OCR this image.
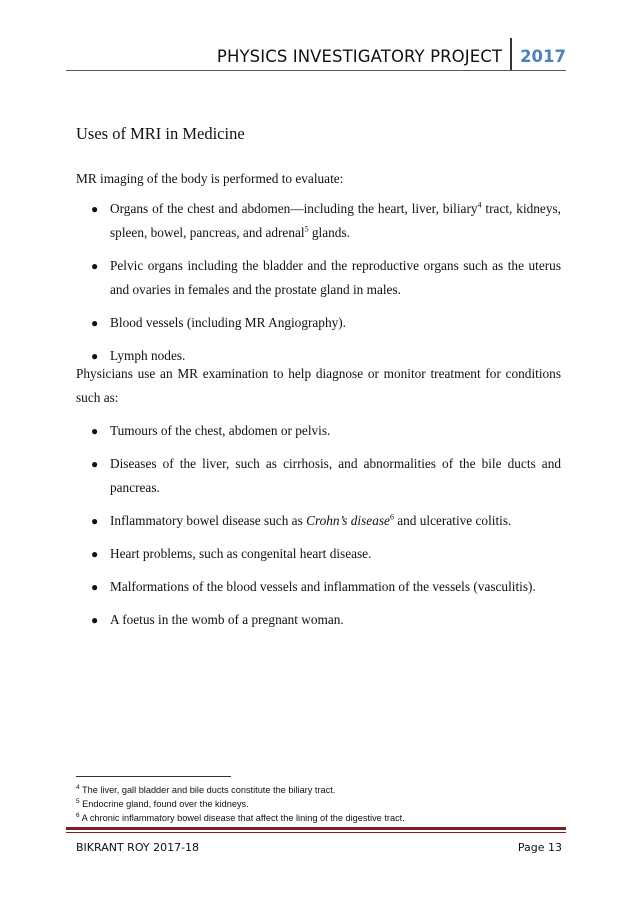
PHYSICS INVESTIGATORY PROJECT	2017
Uses of MRI in Medicine
MR imaging of the body is performed to evaluate:
● Organs of the chest and abdomen—including the heart, liver, biliary$^4$ tract, kidneys, spleen, bowel, pancreas, and adrenal$^5$ glands.
● Pelvic organs including the bladder and the reproductive organs such as the uterus and ovaries in females and the prostate gland in males.
● Blood vessels (including MR Angiography).
● Lymph nodes.
Physicians use an MR examination to help diagnose or monitor treatment for conditions such as:
● Tumours of the chest, abdomen or pelvis.
● Diseases of the liver, such as cirrhosis, and abnormalities of the bile ducts and pancreas.
● Inflammatory bowel disease such as Crohn’s disease$^6$ and ulcerative colitis.
● Heart problems, such as congenital heart disease.
● Malformations of the blood vessels and inflammation of the vessels (vasculitis).
● A foetus in the womb of a pregnant woman.
$^4$ The liver, gall bladder and bile ducts constitute the biliary tract.
$^5$ Endocrine gland, found over the kidneys.
$^6$ A chronic inflammatory bowel disease that affect the lining of the digestive tract.
BIKRANT ROY 2017-18	Page 13
